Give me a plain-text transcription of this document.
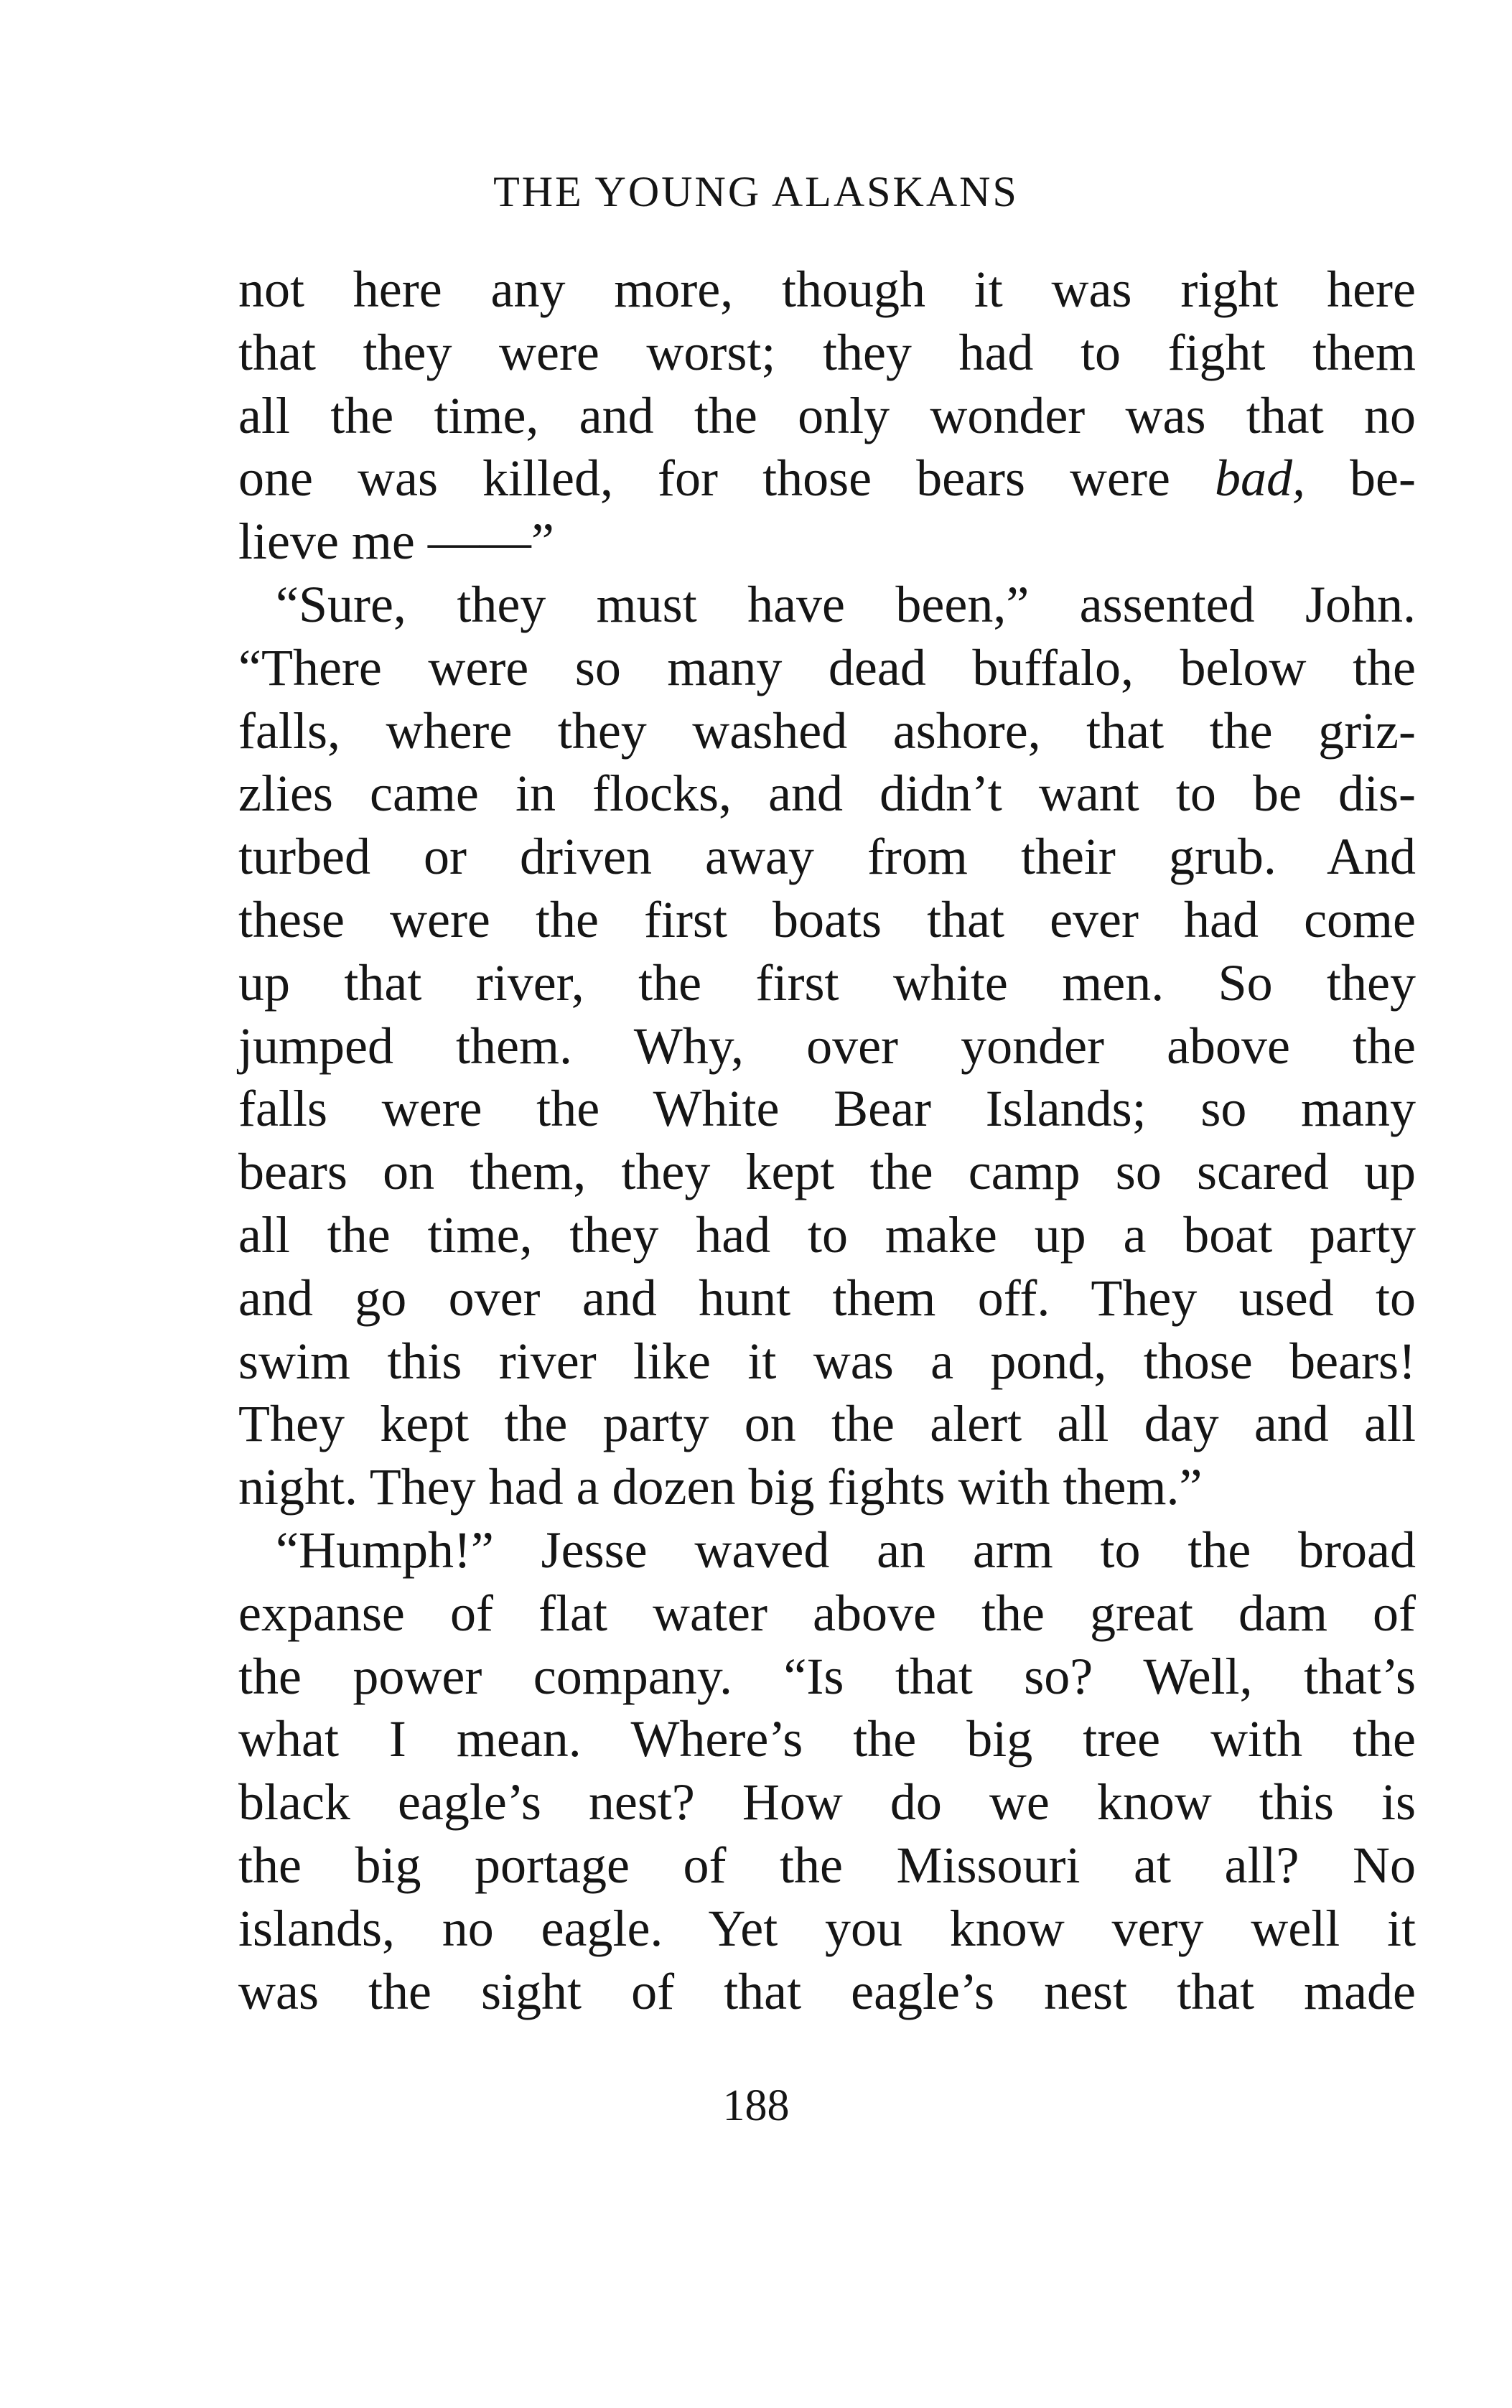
THE YOUNG ALASKANS
not here any more, though it was right here
that they were worst; they had to fight them
all the time, and the only wonder was that no
one was killed, for those bears were bad, be-
lieve me ——”
“Sure, they must have been,” assented John.
“There were so many dead buffalo, below the
falls, where they washed ashore, that the griz-
zlies came in flocks, and didn’t want to be dis-
turbed or driven away from their grub. And
these were the first boats that ever had come
up that river, the first white men. So they
jumped them. Why, over yonder above the
falls were the White Bear Islands; so many
bears on them, they kept the camp so scared up
all the time, they had to make up a boat party
and go over and hunt them off. They used to
swim this river like it was a pond, those bears!
They kept the party on the alert all day and all
night. They had a dozen big fights with them.”
“Humph!” Jesse waved an arm to the broad
expanse of flat water above the great dam of
the power company. “Is that so? Well, that’s
what I mean. Where’s the big tree with the
black eagle’s nest? How do we know this is
the big portage of the Missouri at all? No
islands, no eagle. Yet you know very well it
was the sight of that eagle’s nest that made
188
